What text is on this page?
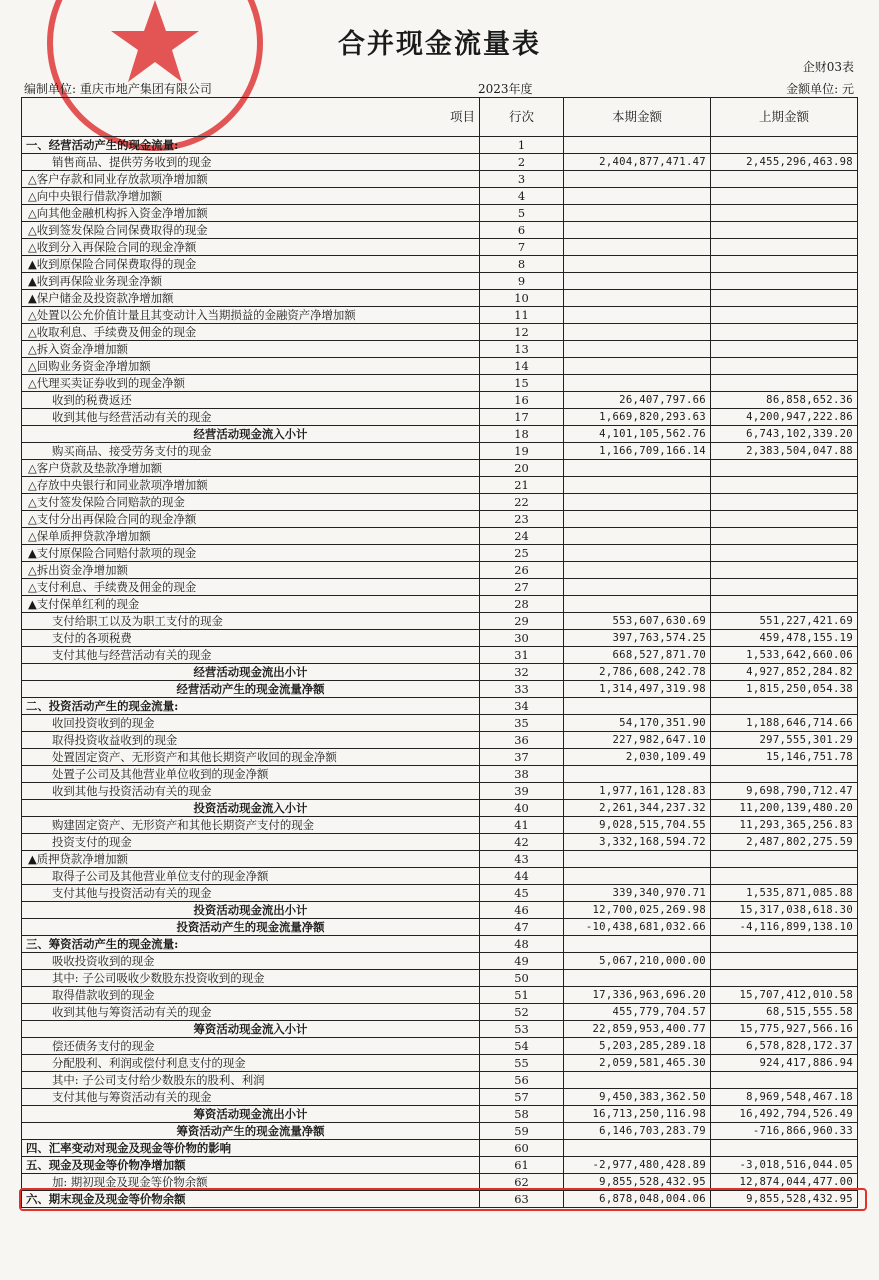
合并现金流量表
企财03表
编制单位: 重庆市地产集团有限公司	2023年度	金额单位: 元
项目	行次	本期金额	上期金额
一、经营活动产生的现金流量:	1		
销售商品、提供劳务收到的现金	2	2,404,877,471.47	2,455,296,463.98
△客户存款和同业存放款项净增加额	3		
△向中央银行借款净增加额	4		
△向其他金融机构拆入资金净增加额	5		
△收到签发保险合同保费取得的现金	6		
△收到分入再保险合同的现金净额	7		
▲收到原保险合同保费取得的现金	8		
▲收到再保险业务现金净额	9		
▲保户储金及投资款净增加额	10		
△处置以公允价值计量且其变动计入当期损益的金融资产净增加额	11		
△收取利息、手续费及佣金的现金	12		
△拆入资金净增加额	13		
△回购业务资金净增加额	14		
△代理买卖证券收到的现金净额	15		
收到的税费返还	16	26,407,797.66	86,858,652.36
收到其他与经营活动有关的现金	17	1,669,820,293.63	4,200,947,222.86
经营活动现金流入小计	18	4,101,105,562.76	6,743,102,339.20
购买商品、接受劳务支付的现金	19	1,166,709,166.14	2,383,504,047.88
△客户贷款及垫款净增加额	20		
△存放中央银行和同业款项净增加额	21		
△支付签发保险合同赔款的现金	22		
△支付分出再保险合同的现金净额	23		
△保单质押贷款净增加额	24		
▲支付原保险合同赔付款项的现金	25		
△拆出资金净增加额	26		
△支付利息、手续费及佣金的现金	27		
▲支付保单红利的现金	28		
支付给职工以及为职工支付的现金	29	553,607,630.69	551,227,421.69
支付的各项税费	30	397,763,574.25	459,478,155.19
支付其他与经营活动有关的现金	31	668,527,871.70	1,533,642,660.06
经营活动现金流出小计	32	2,786,608,242.78	4,927,852,284.82
经营活动产生的现金流量净额	33	1,314,497,319.98	1,815,250,054.38
二、投资活动产生的现金流量:	34		
收回投资收到的现金	35	54,170,351.90	1,188,646,714.66
取得投资收益收到的现金	36	227,982,647.10	297,555,301.29
处置固定资产、无形资产和其他长期资产收回的现金净额	37	2,030,109.49	15,146,751.78
处置子公司及其他营业单位收到的现金净额	38		
收到其他与投资活动有关的现金	39	1,977,161,128.83	9,698,790,712.47
投资活动现金流入小计	40	2,261,344,237.32	11,200,139,480.20
购建固定资产、无形资产和其他长期资产支付的现金	41	9,028,515,704.55	11,293,365,256.83
投资支付的现金	42	3,332,168,594.72	2,487,802,275.59
▲质押贷款净增加额	43		
取得子公司及其他营业单位支付的现金净额	44		
支付其他与投资活动有关的现金	45	339,340,970.71	1,535,871,085.88
投资活动现金流出小计	46	12,700,025,269.98	15,317,038,618.30
投资活动产生的现金流量净额	47	-10,438,681,032.66	-4,116,899,138.10
三、筹资活动产生的现金流量:	48		
吸收投资收到的现金	49	5,067,210,000.00	
其中: 子公司吸收少数股东投资收到的现金	50		
取得借款收到的现金	51	17,336,963,696.20	15,707,412,010.58
收到其他与筹资活动有关的现金	52	455,779,704.57	68,515,555.58
筹资活动现金流入小计	53	22,859,953,400.77	15,775,927,566.16
偿还债务支付的现金	54	5,203,285,289.18	6,578,828,172.37
分配股利、利润或偿付利息支付的现金	55	2,059,581,465.30	924,417,886.94
其中: 子公司支付给少数股东的股利、利润	56		
支付其他与筹资活动有关的现金	57	9,450,383,362.50	8,969,548,467.18
筹资活动现金流出小计	58	16,713,250,116.98	16,492,794,526.49
筹资活动产生的现金流量净额	59	6,146,703,283.79	-716,866,960.33
四、汇率变动对现金及现金等价物的影响	60		
五、现金及现金等价物净增加额	61	-2,977,480,428.89	-3,018,516,044.05
加: 期初现金及现金等价物余额	62	9,855,528,432.95	12,874,044,477.00
六、期末现金及现金等价物余额	63	6,878,048,004.06	9,855,528,432.95
